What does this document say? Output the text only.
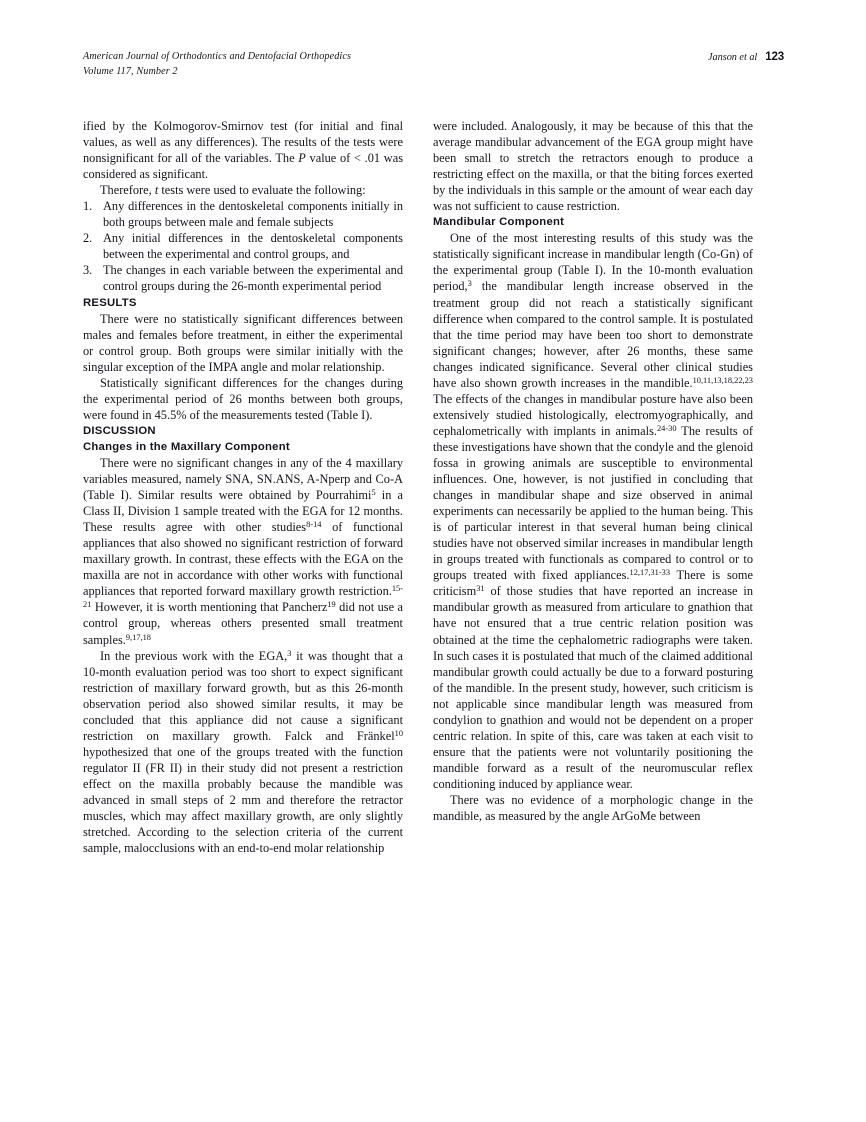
American Journal of Orthodontics and Dentofacial Orthopedics
Volume 117, Number 2
Janson et al 123

ified by the Kolmogorov-Smirnov test (for initial and final values, as well as any differences). The results of the tests were nonsignificant for all of the variables. The P value of < .01 was considered as significant.

Therefore, t tests were used to evaluate the following:

1. Any differences in the dentoskeletal components initially in both groups between male and female subjects
2. Any initial differences in the dentoskeletal components between the experimental and control groups, and
3. The changes in each variable between the experimental and control groups during the 26-month experimental period
RESULTS

There were no statistically significant differences between males and females before treatment, in either the experimental or control group. Both groups were similar initially with the singular exception of the IMPA angle and molar relationship.

Statistically significant differences for the changes during the experimental period of 26 months between both groups, were found in 45.5% of the measurements tested (Table I).

DISCUSSION
Changes in the Maxillary Component

There were no significant changes in any of the 4 maxillary variables measured, namely SNA, SN.ANS, A-Nperp and Co-A (Table I). Similar results were obtained by Pourrahimi$^5$ in a Class II, Division 1 sample treated with the EGA for 12 months. These results agree with other studies$^{8-14}$ of functional appliances that also showed no significant restriction of forward maxillary growth. In contrast, these effects with the EGA on the maxilla are not in accordance with other works with functional appliances that reported forward maxillary growth restriction.$^{15-21}$ However, it is worth mentioning that Pancherz$^{19}$ did not use a control group, whereas others presented small treatment samples.$^{9,17,18}$

In the previous work with the EGA,$^3$ it was thought that a 10-month evaluation period was too short to expect significant restriction of maxillary forward growth, but as this 26-month observation period also showed similar results, it may be concluded that this appliance did not cause a significant restriction on maxillary growth. Falck and Fränkel$^{10}$ hypothesized that one of the groups treated with the function regulator II (FR II) in their study did not present a restriction effect on the maxilla probably because the mandible was advanced in small steps of 2 mm and therefore the retractor muscles, which may affect maxillary growth, are only slightly stretched. According to the selection criteria of the current sample, malocclusions with an end-to-end molar relationship

were included. Analogously, it may be because of this that the average mandibular advancement of the EGA group might have been small to stretch the retractors enough to produce a restricting effect on the maxilla, or that the biting forces exerted by the individuals in this sample or the amount of wear each day was not sufficient to cause restriction.

Mandibular Component

One of the most interesting results of this study was the statistically significant increase in mandibular length (Co-Gn) of the experimental group (Table I). In the 10-month evaluation period,$^3$ the mandibular length increase observed in the treatment group did not reach a statistically significant difference when compared to the control sample. It is postulated that the time period may have been too short to demonstrate significant changes; however, after 26 months, these same changes indicated significance. Several other clinical studies have also shown growth increases in the mandible.$^{10,11,13,18,22,23}$ The effects of the changes in mandibular posture have also been extensively studied histologically, electromyographically, and cephalometrically with implants in animals.$^{24-30}$ The results of these investigations have shown that the condyle and the glenoid fossa in growing animals are susceptible to environmental influences. One, however, is not justified in concluding that changes in mandibular shape and size observed in animal experiments can necessarily be applied to the human being. This is of particular interest in that several human being clinical studies have not observed similar increases in mandibular length in groups treated with functionals as compared to control or to groups treated with fixed appliances.$^{12,17,31-33}$ There is some criticism$^{31}$ of those studies that have reported an increase in mandibular growth as measured from articulare to gnathion that have not ensured that a true centric relation position was obtained at the time the cephalometric radiographs were taken. In such cases it is postulated that much of the claimed additional mandibular growth could actually be due to a forward posturing of the mandible. In the present study, however, such criticism is not applicable since mandibular length was measured from condylion to gnathion and would not be dependent on a proper centric relation. In spite of this, care was taken at each visit to ensure that the patients were not voluntarily positioning the mandible forward as a result of the neuromuscular reflex conditioning induced by appliance wear.

There was no evidence of a morphologic change in the mandible, as measured by the angle ArGoMe between
